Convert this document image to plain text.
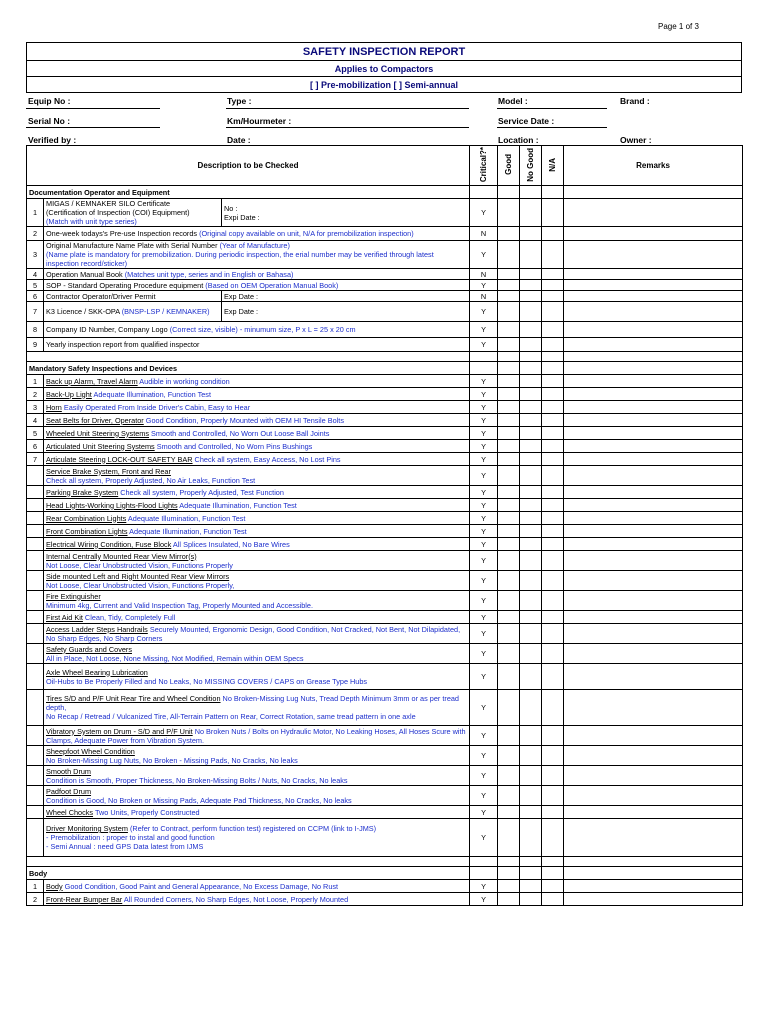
Page 1 of 3
SAFETY INSPECTION REPORT
Applies to Compactors
[ ] Pre-mobilization [ ] Semi-annual
Equip No :	Type :	Model :	Brand :
Serial No :	Km/Hourmeter :	Service Date :
Verified by :	Date :	Location :	Owner :
Description to be Checked			Critical?*	Good	No Good	N/A	Remarks
Documentation Operator and Equipment							
1	MIGAS / KEMNAKER SILO Certificate
(Certification of Inspection (COI) Equipment)
(Match with unit type series)	No :
Expi Date :	Y				
2	One-week todays's Pre-use Inspection records (Original copy available on unit, N/A for premobilization inspection)		N				
3	Original Manufacture Name Plate with Serial Number (Year of Manufacture)
(Name plate is mandatory for premobilization. During periodic inspection, the erial number may be verified through latest inspection record/sticker)		Y				
4	Operation Manual Book (Matches unit type, series and in English or Bahasa)		N				
5	SOP - Standard Operating Procedure equipment (Based on OEM Operation Manual Book)		Y				
6	Contractor Operator/Driver Permit	Exp Date :	N				
7	K3 Licence / SKK-OPA (BNSP-LSP / KEMNAKER)	Exp Date :	Y				
8	Company ID Number, Company Logo (Correct size, visible) - minumum size, P x L = 25 x 20 cm		Y				
9	Yearly inspection report from qualified inspector		Y				

Mandatory Safety Inspections and Devices							
1	Back up Alarm, Travel Alarm Audible in working condition		Y				
2	Back-Up Light Adequate Illumination, Function Test		Y				
3	Horn Easily Operated From Inside Driver's Cabin, Easy to Hear		Y				
4	Seat Belts for Driver, Operator Good Condition, Properly Mounted with OEM HI Tensile Bolts		Y				
5	Wheeled Unit Steering Systems Smooth and Controlled, No Worn Out Loose Ball Joints		Y				
6	Articulated Unit Steering Systems Smooth and Controlled, No Worn Pins Bushings		Y				
7	Articulate Steering LOCK-OUT SAFETY BAR Check all system, Easy Access, No Lost Pins		Y				
	Service Brake System, Front and Rear
Check all system, Properly Adjusted, No Air Leaks, Function Test		Y				
	Parking Brake System Check all system, Properly Adjusted, Test Function		Y				
	Head Lights-Working Lights-Flood Lights Adequate Illumination, Function Test		Y				
	Rear Combination Lights Adequate Illumination, Function Test		Y				
	Front Combination Lights Adequate Illumination, Function Test		Y				
	Electrical Wiring Condition, Fuse Block All Splices Insulated, No Bare Wires		Y				
	Internal Centrally Mounted Rear View Mirror(s)
Not Loose, Clear Unobstructed Vision, Functions Properly		Y				
	Side mounted Left and Right Mounted Rear View Mirrors
Not Loose, Clear Unobstructed Vision, Functions Properly,		Y				
	Fire Extinguisher
Minimum 4kg, Current and Valid Inspection Tag, Properly Mounted and Accessible.		Y				
	First Aid Kit Clean, Tidy, Completely Full		Y				
	Access Ladder Steps Handrails Securely Mounted, Ergonomic Design, Good Condition, Not Cracked, Not Bent, Not Dilapidated, No Sharp Edges, No Sharp Corners		Y				
	Safety Guards and Covers
All in Place, Not Loose, None Missing, Not Modified, Remain within OEM Specs		Y				
	Axle Wheel Bearing Lubrication
Oil-Hubs to Be Properly Filled and No Leaks, No MISSING COVERS / CAPS on Grease Type Hubs		Y				
	Tires S/D and P/F Unit Rear Tire and Wheel Condition No Broken-Missing Lug Nuts, Tread Depth Minimum 3mm or as per tread depth,
No Recap / Retread / Vulcanized Tire, All-Terrain Pattern on Rear, Correct Rotation, same tread pattern in one axle		Y				
	Vibratory System on Drum - S/D and P/F Unit No Broken Nuts / Bolts on Hydraulic Motor, No Leaking Hoses, All Hoses Scure with Clamps, Adequate Power from Vibration System.		Y				
	Sheepfoot Wheel Condition
No Broken-Missing Lug Nuts, No Broken - Missing Pads, No Cracks, No leaks		Y				
	Smooth Drum
Condition is Smooth, Proper Thickness, No Broken-Missing Bolts / Nuts, No Cracks, No leaks		Y				
	Padfoot Drum
Condition is Good, No Broken or Missing Pads, Adequate Pad Thickness, No Cracks, No leaks		Y				
	Wheel Chocks Two Units, Properly Constructed		Y				
	Driver Monitoring System (Refer to Contract, perform function test) registered on CCPM (link to I-JMS)
- Premobilization : proper to instal and good function
- Semi Annual : need GPS Data latest from IJMS		Y				

Body							
1	Body Good Condition, Good Paint and General Appearance, No Excess Damage, No Rust		Y				
2	Front-Rear Bumper Bar All Rounded Corners, No Sharp Edges, Not Loose, Properly Mounted		Y				
